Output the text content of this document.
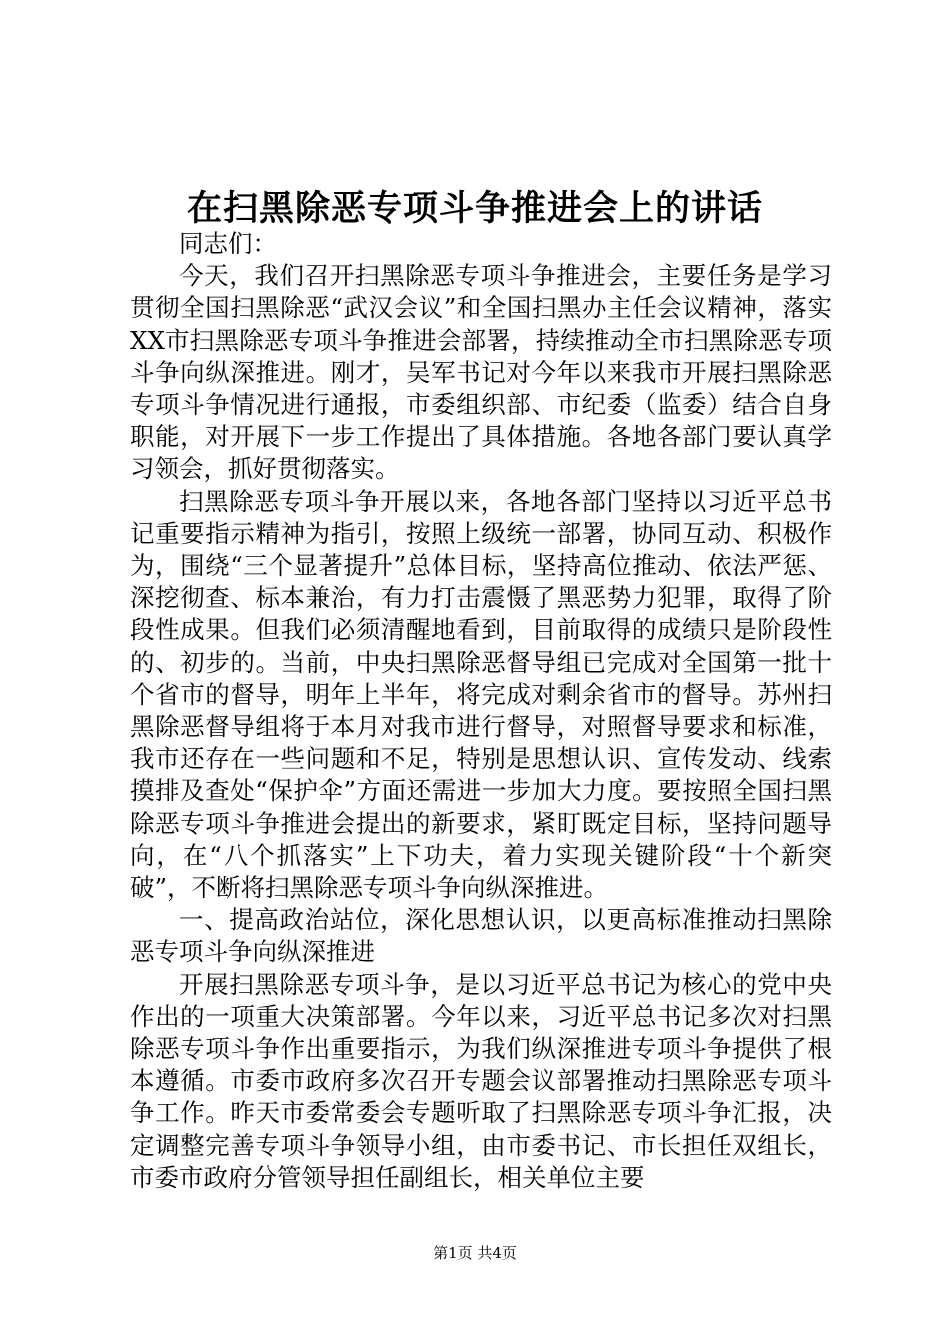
在扫黑除恶专项斗争推进会上的讲话

同志们：

今天，我们召开扫黑除恶专项斗争推进会，主要任务是学习贯彻全国扫黑除恶“武汉会议”和全国扫黑办主任会议精神，落实XX市扫黑除恶专项斗争推进会部署，持续推动全市扫黑除恶专项斗争向纵深推进。刚才，吴军书记对今年以来我市开展扫黑除恶专项斗争情况进行通报，市委组织部、市纪委（监委）结合自身职能，对开展下一步工作提出了具体措施。各地各部门要认真学习领会，抓好贯彻落实。

扫黑除恶专项斗争开展以来，各地各部门坚持以习近平总书记重要指示精神为指引，按照上级统一部署，协同互动、积极作为，围绕“三个显著提升”总体目标，坚持高位推动、依法严惩、深挖彻查、标本兼治，有力打击震慑了黑恶势力犯罪，取得了阶段性成果。但我们必须清醒地看到，目前取得的成绩只是阶段性的、初步的。当前，中央扫黑除恶督导组已完成对全国第一批十个省市的督导，明年上半年，将完成对剩余省市的督导。苏州扫黑除恶督导组将于本月对我市进行督导，对照督导要求和标准，我市还存在一些问题和不足，特别是思想认识、宣传发动、线索摸排及查处“保护伞”方面还需进一步加大力度。要按照全国扫黑除恶专项斗争推进会提出的新要求，紧盯既定目标，坚持问题导向，在“八个抓落实”上下功夫，着力实现关键阶段“十个新突破”，不断将扫黑除恶专项斗争向纵深推进。

一、提高政治站位，深化思想认识，以更高标准推动扫黑除恶专项斗争向纵深推进

开展扫黑除恶专项斗争，是以习近平总书记为核心的党中央作出的一项重大决策部署。今年以来，习近平总书记多次对扫黑除恶专项斗争作出重要指示，为我们纵深推进专项斗争提供了根本遵循。市委市政府多次召开专题会议部署推动扫黑除恶专项斗争工作。昨天市委常委会专题听取了扫黑除恶专项斗争汇报，决定调整完善专项斗争领导小组，由市委书记、市长担任双组长，市委市政府分管领导担任副组长，相关单位主要

第1页 共4页
